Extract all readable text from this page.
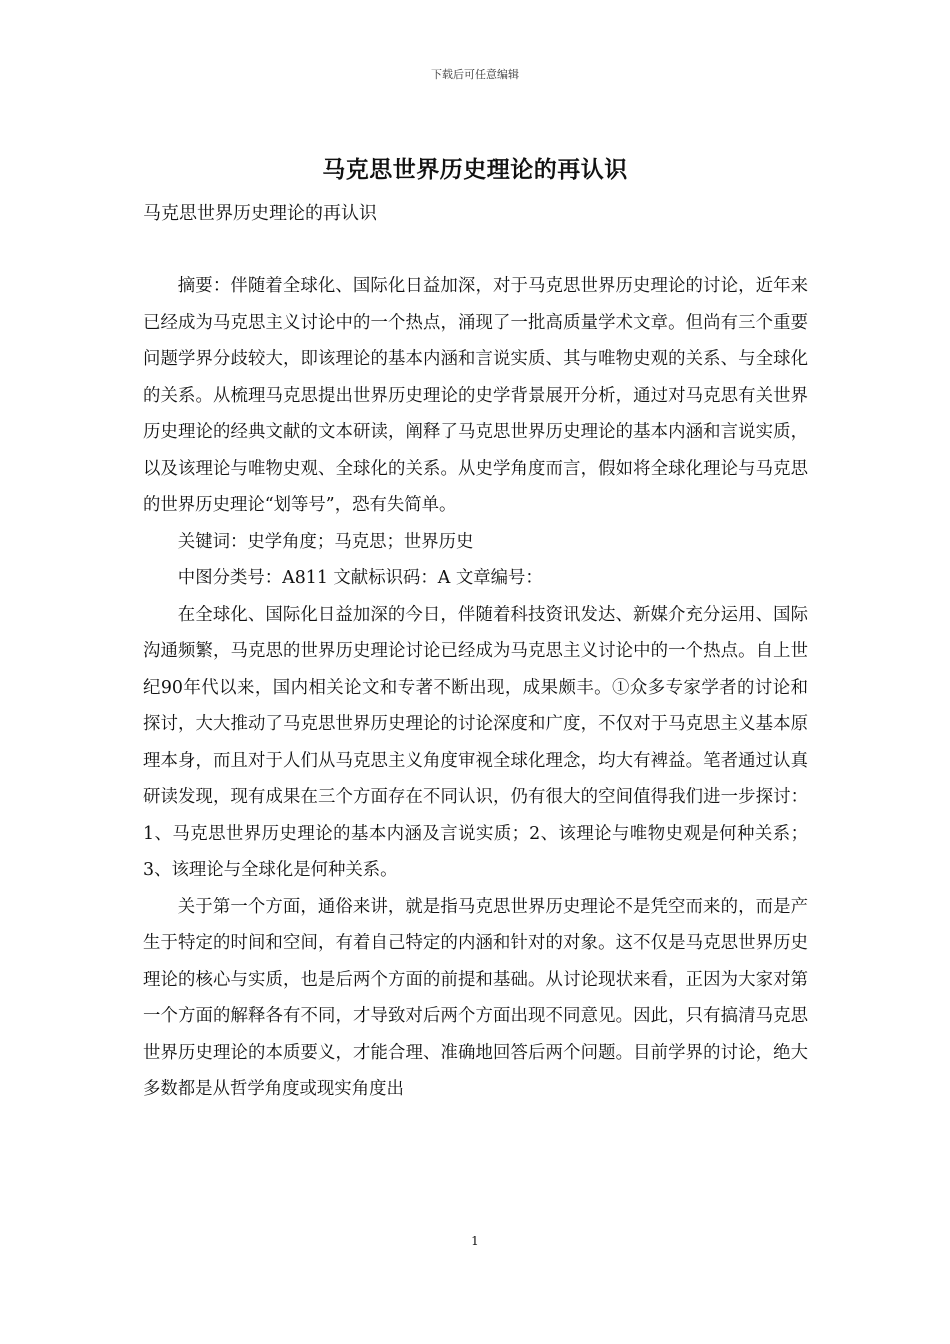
下载后可任意编辑
马克思世界历史理论的再认识
马克思世界历史理论的再认识

摘要：伴随着全球化、国际化日益加深，对于马克思世界历史理论的讨论，近年来已经成为马克思主义讨论中的一个热点，涌现了一批高质量学术文章。但尚有三个重要问题学界分歧较大，即该理论的基本内涵和言说实质、其与唯物史观的关系、与全球化的关系。从梳理马克思提出世界历史理论的史学背景展开分析，通过对马克思有关世界历史理论的经典文献的文本研读，阐释了马克思世界历史理论的基本内涵和言说实质，以及该理论与唯物史观、全球化的关系。从史学角度而言，假如将全球化理论与马克思的世界历史理论“划等号”，恐有失简单。

关键词：史学角度；马克思；世界历史

中图分类号：A811 文献标识码：A 文章编号：

在全球化、国际化日益加深的今日，伴随着科技资讯发达、新媒介充分运用、国际沟通频繁，马克思的世界历史理论讨论已经成为马克思主义讨论中的一个热点。自上世纪90年代以来，国内相关论文和专著不断出现，成果颇丰。①众多专家学者的讨论和探讨，大大推动了马克思世界历史理论的讨论深度和广度，不仅对于马克思主义基本原理本身，而且对于人们从马克思主义角度审视全球化理念，均大有裨益。笔者通过认真研读发现，现有成果在三个方面存在不同认识，仍有很大的空间值得我们进一步探讨：1、马克思世界历史理论的基本内涵及言说实质；2、该理论与唯物史观是何种关系；3、该理论与全球化是何种关系。

关于第一个方面，通俗来讲，就是指马克思世界历史理论不是凭空而来的，而是产生于特定的时间和空间，有着自己特定的内涵和针对的对象。这不仅是马克思世界历史理论的核心与实质，也是后两个方面的前提和基础。从讨论现状来看，正因为大家对第一个方面的解释各有不同，才导致对后两个方面出现不同意见。因此，只有搞清马克思世界历史理论的本质要义，才能合理、准确地回答后两个问题。目前学界的讨论，绝大多数都是从哲学角度或现实角度出

1
